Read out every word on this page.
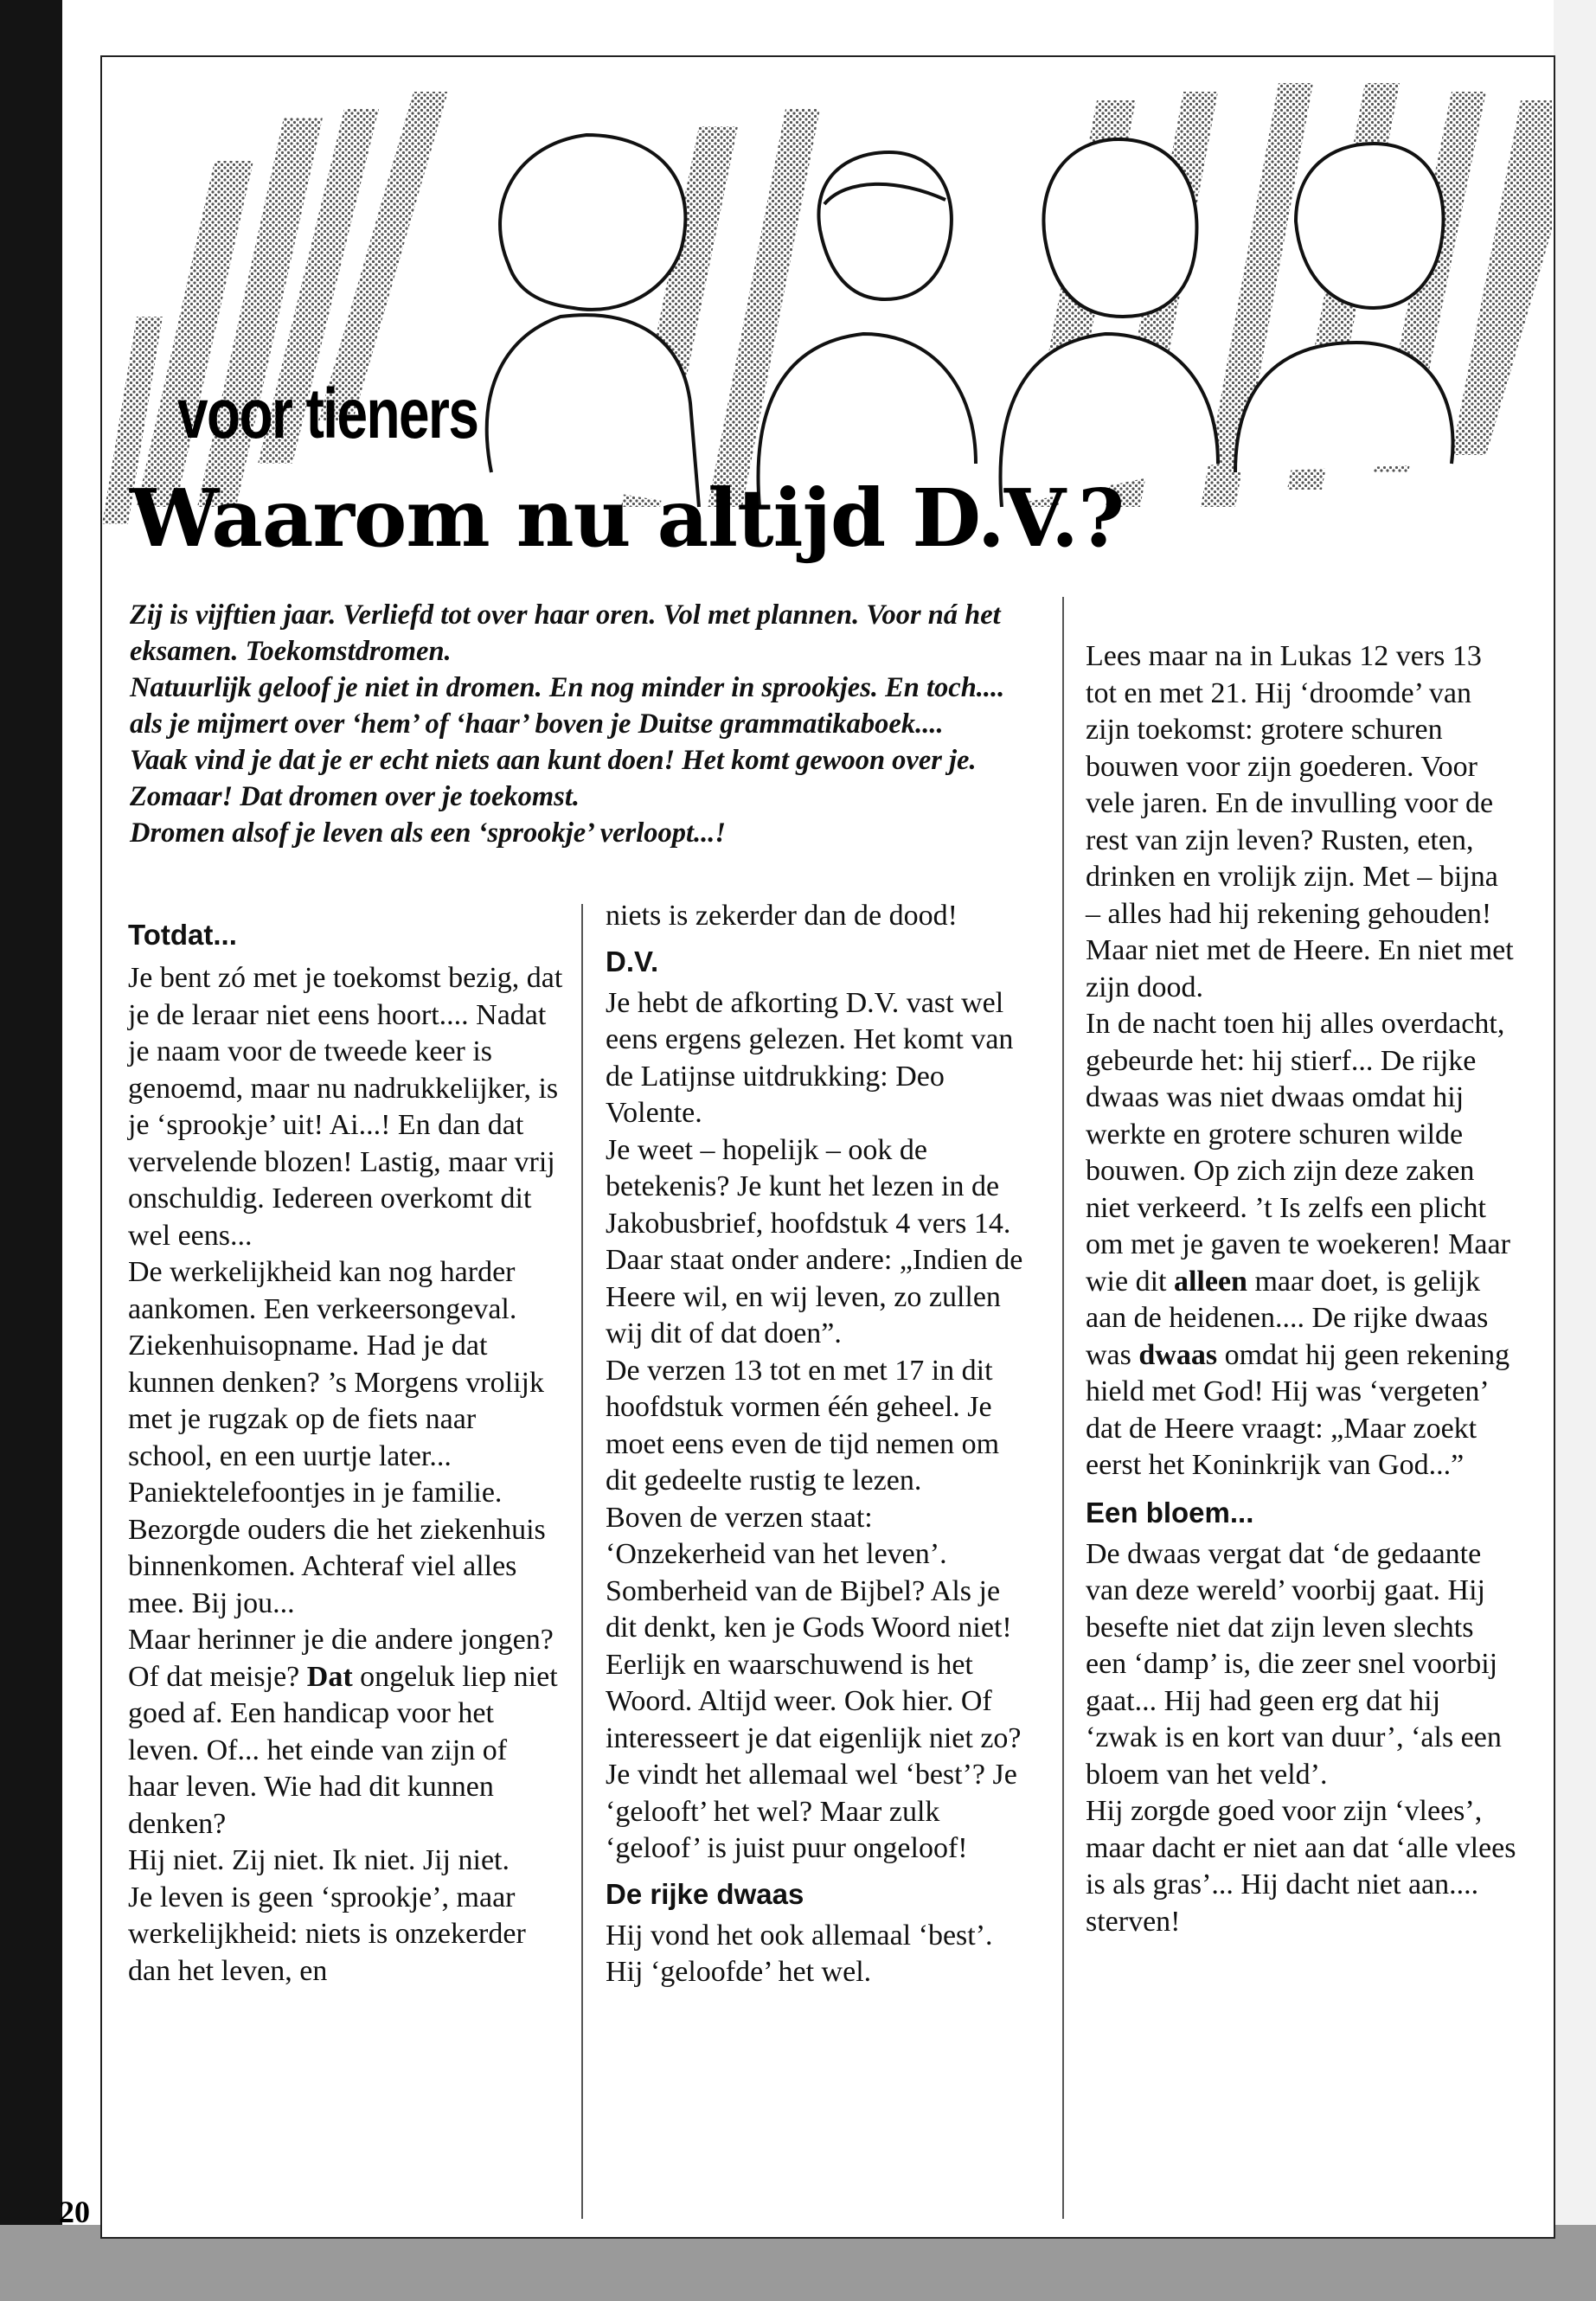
voor tieners
Waarom nu altijd D.V.?

Zij is vijftien jaar. Verliefd tot over haar oren. Vol met plannen. Voor ná het eksamen. Toekomstdromen.

Natuurlijk geloof je niet in dromen. En nog minder in sprookjes. En toch.... als je mijmert over ‘hem’ of ‘haar’ boven je Duitse grammatikaboek....

Vaak vind je dat je er echt niets aan kunt doen! Het komt gewoon over je. Zomaar! Dat dromen over je toekomst.

Dromen alsof je leven als een ‘sprookje’ verloopt...!

Totdat...

Je bent zó met je toekomst bezig, dat je de leraar niet eens hoort.... Nadat je naam voor de tweede keer is genoemd, maar nu nadrukkelijker, is je ‘sprookje’ uit! Ai...! En dan dat vervelende blozen! Lastig, maar vrij onschuldig. Iedereen overkomt dit wel eens...

De werkelijkheid kan nog harder aankomen. Een verkeersongeval. Ziekenhuisopname. Had je dat kunnen denken? ’s Morgens vrolijk met je rugzak op de fiets naar school, en een uurtje later... Paniektelefoontjes in je familie. Bezorgde ouders die het ziekenhuis binnenkomen. Achteraf viel alles mee. Bij jou...

Maar herinner je die andere jongen? Of dat meisje? Dat ongeluk liep niet goed af. Een handicap voor het leven. Of... het einde van zijn of haar leven. Wie had dit kunnen denken?

Hij niet. Zij niet. Ik niet. Jij niet.

Je leven is geen ‘sprookje’, maar werkelijkheid: niets is onzekerder dan het leven, en

niets is zekerder dan de dood!

D.V.

Je hebt de afkorting D.V. vast wel eens ergens gelezen. Het komt van de Latijnse uitdrukking: Deo Volente.

Je weet – hopelijk – ook de betekenis? Je kunt het lezen in de Jakobusbrief, hoofdstuk 4 vers 14. Daar staat onder andere: „Indien de Heere wil, en wij leven, zo zullen wij dit of dat doen”.

De verzen 13 tot en met 17 in dit hoofdstuk vormen één geheel. Je moet eens even de tijd nemen om dit gedeelte rustig te lezen.

Boven de verzen staat: ‘Onzekerheid van het leven’. Somberheid van de Bijbel? Als je dit denkt, ken je Gods Woord niet! Eerlijk en waarschuwend is het Woord. Altijd weer. Ook hier. Of interesseert je dat eigenlijk niet zo? Je vindt het allemaal wel ‘best’? Je ‘gelooft’ het wel? Maar zulk ‘geloof’ is juist puur ongeloof!

De rijke dwaas

Hij vond het ook allemaal ‘best’. Hij ‘geloofde’ het wel.

Lees maar na in Lukas 12 vers 13 tot en met 21. Hij ‘droomde’ van zijn toekomst: grotere schuren bouwen voor zijn goederen. Voor vele jaren. En de invulling voor de rest van zijn leven? Rusten, eten, drinken en vrolijk zijn. Met – bijna – alles had hij rekening gehouden! Maar niet met de Heere. En niet met zijn dood.

In de nacht toen hij alles overdacht, gebeurde het: hij stierf... De rijke dwaas was niet dwaas omdat hij werkte en grotere schuren wilde bouwen. Op zich zijn deze zaken niet verkeerd. ’t Is zelfs een plicht om met je gaven te woekeren! Maar wie dit alleen maar doet, is gelijk aan de heidenen.... De rijke dwaas was dwaas omdat hij geen rekening hield met God! Hij was ‘vergeten’ dat de Heere vraagt: „Maar zoekt eerst het Koninkrijk van God...”

Een bloem...

De dwaas vergat dat ‘de gedaante van deze wereld’ voorbij gaat. Hij besefte niet dat zijn leven slechts een ‘damp’ is, die zeer snel voorbij gaat... Hij had geen erg dat hij ‘zwak is en kort van duur’, ‘als een bloem van het veld’.

Hij zorgde goed voor zijn ‘vlees’, maar dacht er niet aan dat ‘alle vlees is als gras’... Hij dacht niet aan.... sterven!

20
